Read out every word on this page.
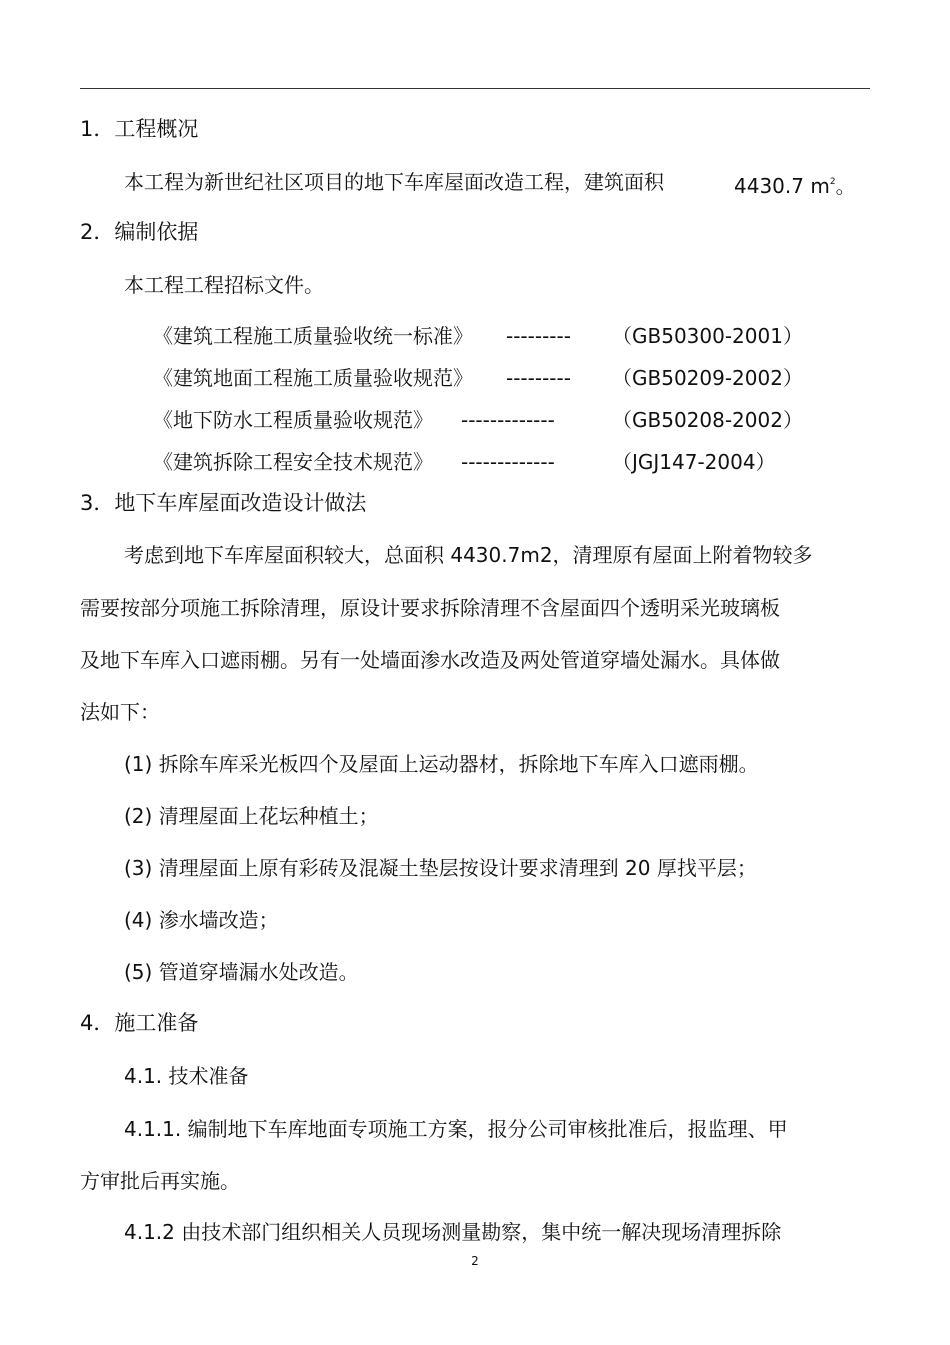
1．工程概况
本工程为新世纪社区项目的地下车库屋面改造工程，建筑面积	4430.7 $m^2$。
2．编制依据
本工程工程招标文件。
《建筑工程施工质量验收统一标准》 --------- （GB50300-2001）
《建筑地面工程施工质量验收规范》 --------- （GB50209-2002）
《地下防水工程质量验收规范》 -------------	（GB50208-2002）
《建筑拆除工程安全技术规范》 -------------	（JGJ147-2004）
3．地下车库屋面改造设计做法
考虑到地下车库屋面积较大，总面积 4430.7m2，清理原有屋面上附着物较多
需要按部分项施工拆除清理，原设计要求拆除清理不含屋面四个透明采光玻璃板
及地下车库入口遮雨棚。另有一处墙面渗水改造及两处管道穿墙处漏水。具体做
法如下：
(1) 拆除车库采光板四个及屋面上运动器材，拆除地下车库入口遮雨棚。
(2) 清理屋面上花坛种植土；
(3) 清理屋面上原有彩砖及混凝土垫层按设计要求清理到 20 厚找平层；
(4) 渗水墙改造；
(5) 管道穿墙漏水处改造。
4．施工准备
4.1. 技术准备
4.1.1. 编制地下车库地面专项施工方案，报分公司审核批准后，报监理、甲
方审批后再实施。
4.1.2 由技术部门组织相关人员现场测量勘察，集中统一解决现场清理拆除
2
